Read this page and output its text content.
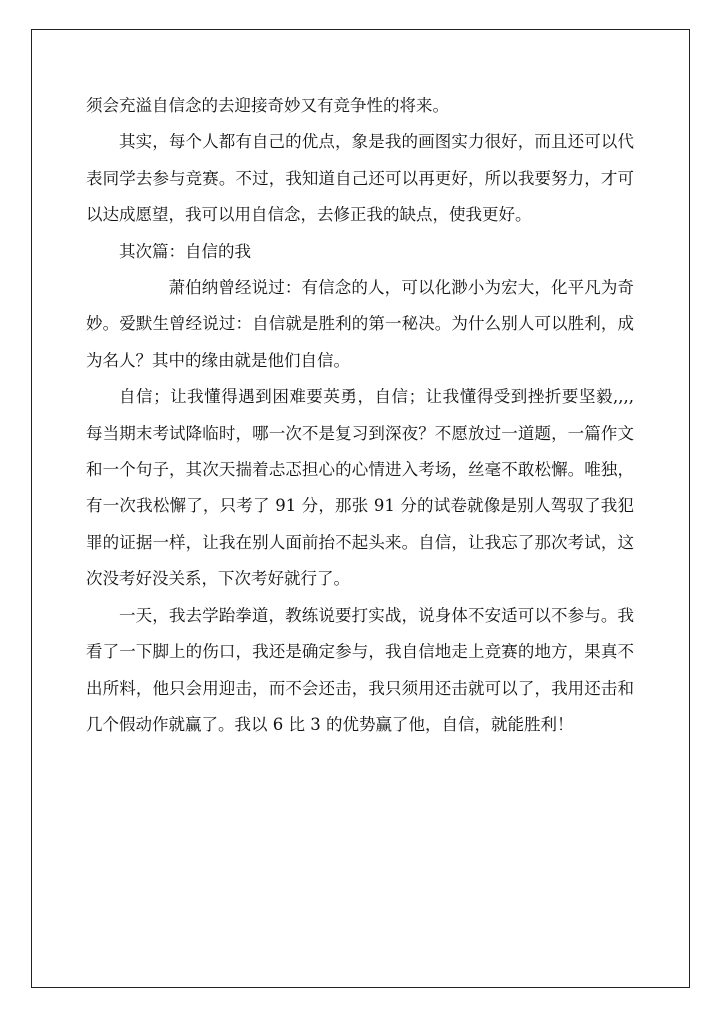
须会充溢自信念的去迎接奇妙又有竞争性的将来。

其实，每个人都有自己的优点，象是我的画图实力很好，而且还可以代表同学去参与竞赛。不过，我知道自己还可以再更好，所以我要努力，才可以达成愿望，我可以用自信念，去修正我的缺点，使我更好。

其次篇：自信的我

萧伯纳曾经说过：有信念的人，可以化渺小为宏大，化平凡为奇妙。爱默生曾经说过：自信就是胜利的第一秘决。为什么别人可以胜利，成为名人？其中的缘由就是他们自信。

自信；让我懂得遇到困难要英勇，自信；让我懂得受到挫折要坚毅,,,,每当期末考试降临时，哪一次不是复习到深夜？不愿放过一道题，一篇作文和一个句子，其次天揣着忐忑担心的心情进入考场，丝毫不敢松懈。唯独，有一次我松懈了，只考了 91 分，那张 91 分的试卷就像是别人驾驭了我犯罪的证据一样，让我在别人面前抬不起头来。自信，让我忘了那次考试，这次没考好没关系，下次考好就行了。

一天，我去学跆拳道，教练说要打实战，说身体不安适可以不参与。我看了一下脚上的伤口，我还是确定参与，我自信地走上竞赛的地方，果真不出所料，他只会用迎击，而不会还击，我只须用还击就可以了，我用还击和几个假动作就赢了。我以 6 比 3 的优势赢了他，自信，就能胜利！
